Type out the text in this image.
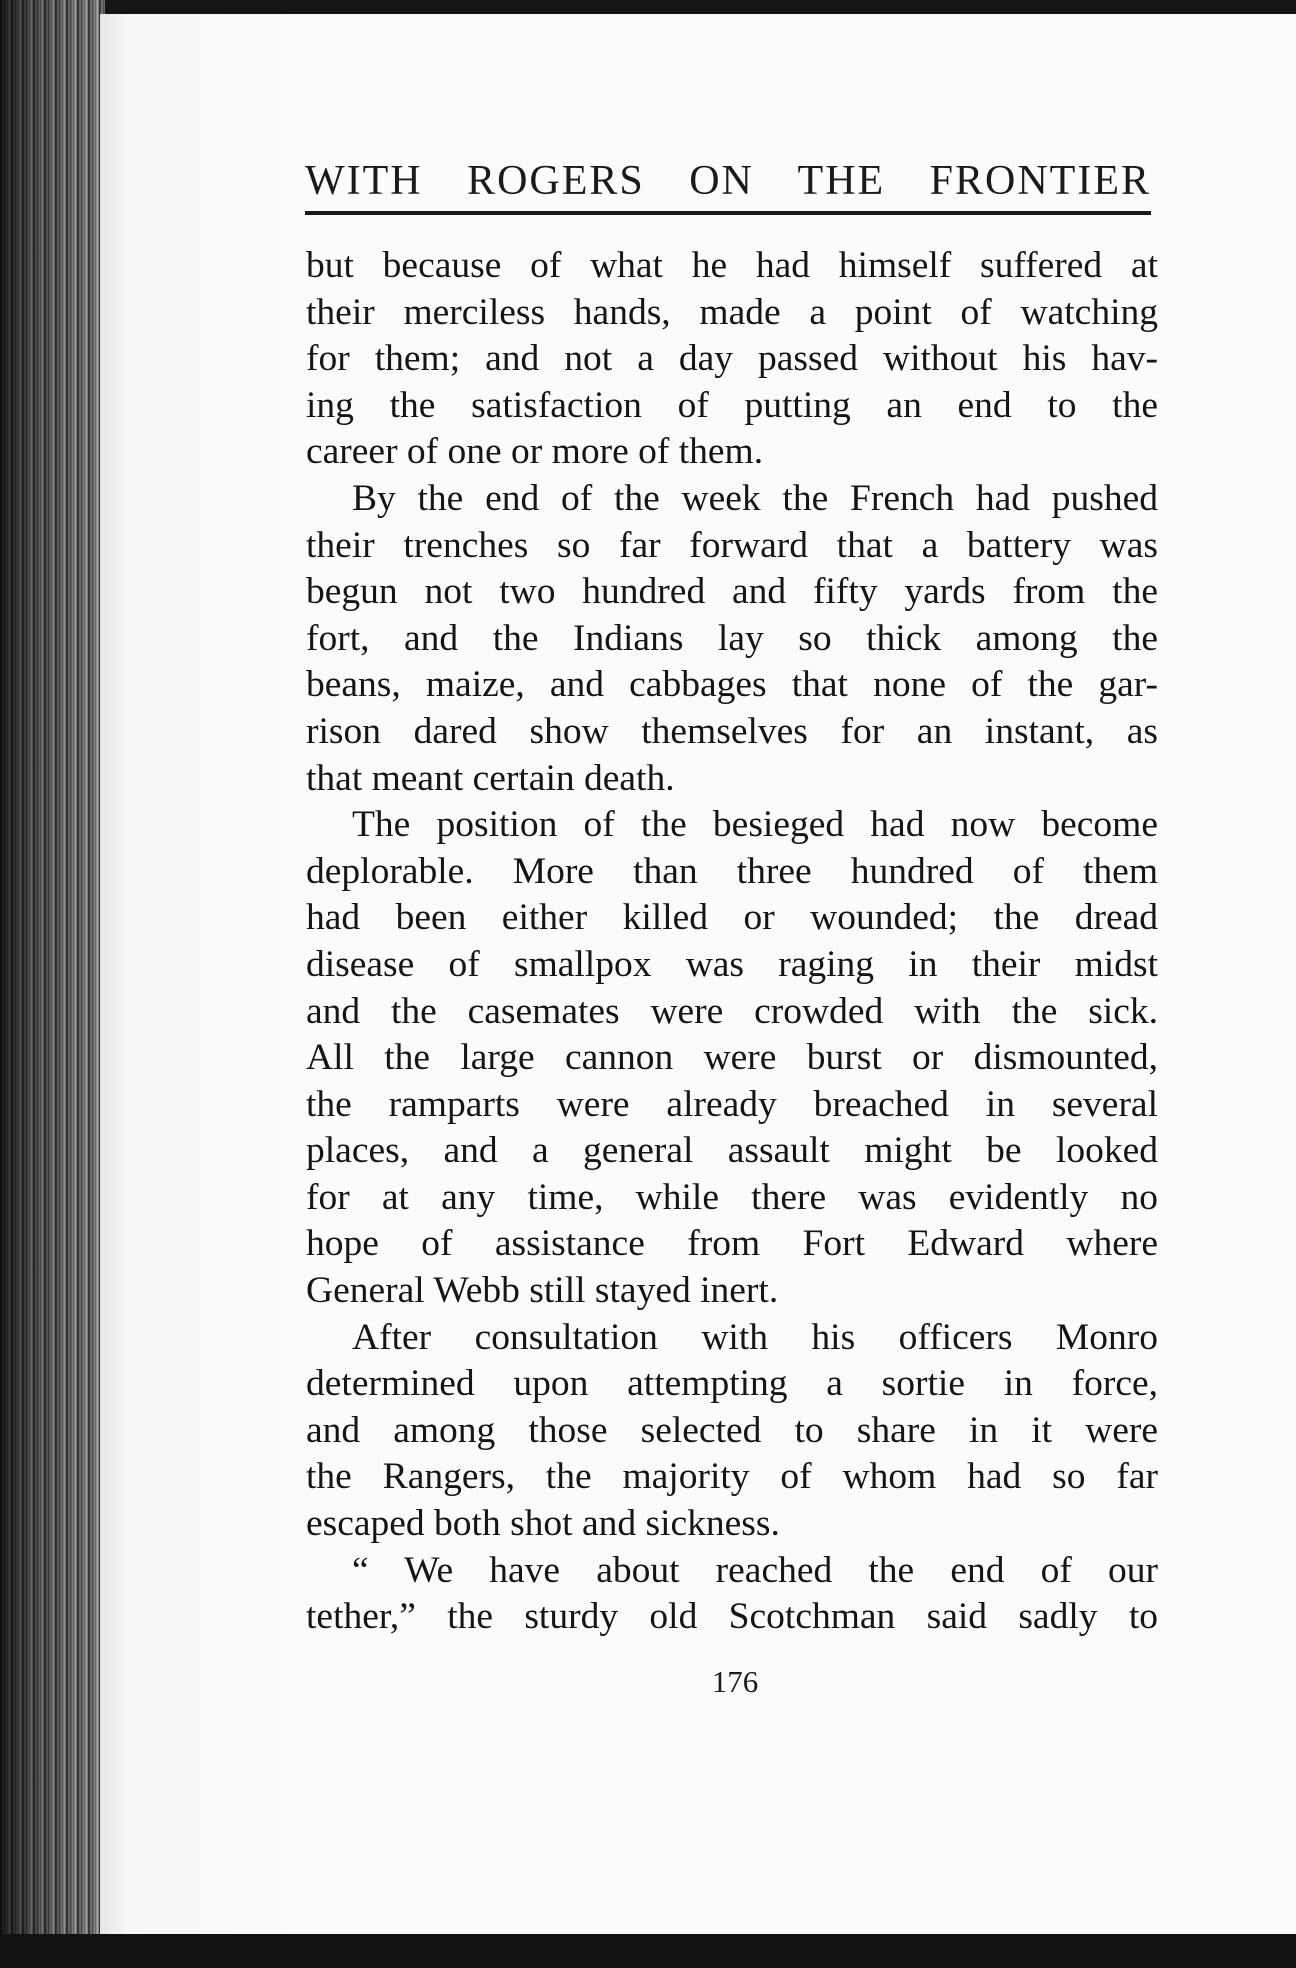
WITH ROGERS ON THE FRONTIER
but because of what he had himself suffered at
their merciless hands, made a point of watching
for them; and not a day passed without his hav-
ing the satisfaction of putting an end to the
career of one or more of them.
By the end of the week the French had pushed
their trenches so far forward that a battery was
begun not two hundred and fifty yards from the
fort, and the Indians lay so thick among the
beans, maize, and cabbages that none of the gar-
rison dared show themselves for an instant, as
that meant certain death.
The position of the besieged had now become
deplorable. More than three hundred of them
had been either killed or wounded; the dread
disease of smallpox was raging in their midst
and the casemates were crowded with the sick.
All the large cannon were burst or dismounted,
the ramparts were already breached in several
places, and a general assault might be looked
for at any time, while there was evidently no
hope of assistance from Fort Edward where
General Webb still stayed inert.
After consultation with his officers Monro
determined upon attempting a sortie in force,
and among those selected to share in it were
the Rangers, the majority of whom had so far
escaped both shot and sickness.
“ We have about reached the end of our
tether,” the sturdy old Scotchman said sadly to
176
